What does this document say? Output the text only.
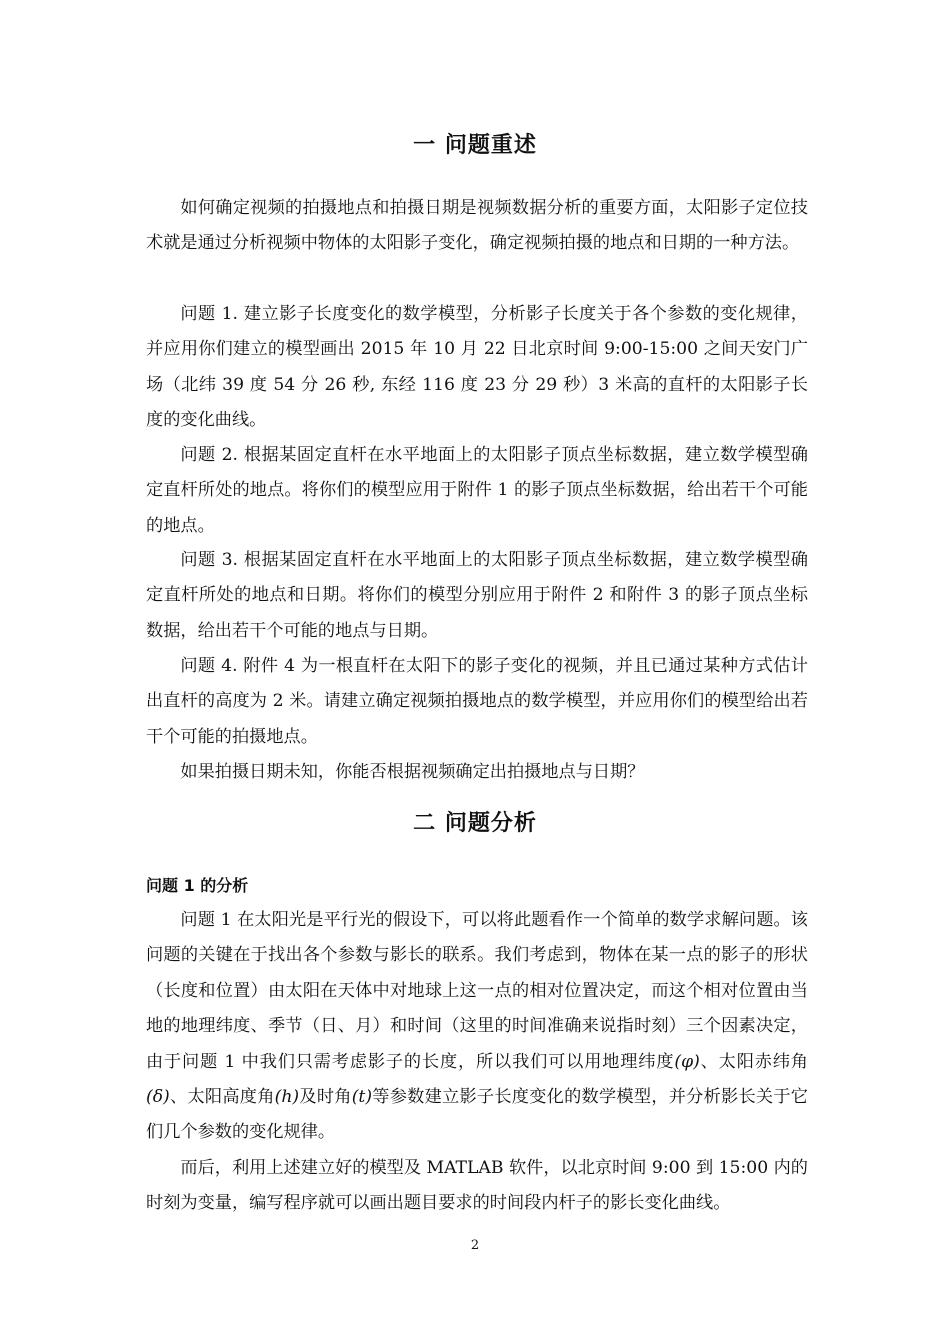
一 问题重述

如何确定视频的拍摄地点和拍摄日期是视频数据分析的重要方面，太阳影子定位技术就是通过分析视频中物体的太阳影子变化，确定视频拍摄的地点和日期的一种方法。

问题 1. 建立影子长度变化的数学模型，分析影子长度关于各个参数的变化规律，并应用你们建立的模型画出 2015 年 10 月 22 日北京时间 9:00-15:00 之间天安门广场（北纬 39 度 54 分 26 秒, 东经 116 度 23 分 29 秒）3 米高的直杆的太阳影子长度的变化曲线。

问题 2. 根据某固定直杆在水平地面上的太阳影子顶点坐标数据，建立数学模型确定直杆所处的地点。将你们的模型应用于附件 1 的影子顶点坐标数据，给出若干个可能的地点。

问题 3. 根据某固定直杆在水平地面上的太阳影子顶点坐标数据，建立数学模型确定直杆所处的地点和日期。将你们的模型分别应用于附件 2 和附件 3 的影子顶点坐标数据，给出若干个可能的地点与日期。

问题 4. 附件 4 为一根直杆在太阳下的影子变化的视频，并且已通过某种方式估计出直杆的高度为 2 米。请建立确定视频拍摄地点的数学模型，并应用你们的模型给出若干个可能的拍摄地点。

如果拍摄日期未知，你能否根据视频确定出拍摄地点与日期？

二 问题分析

问题 1 的分析

问题 1 在太阳光是平行光的假设下，可以将此题看作一个简单的数学求解问题。该问题的关键在于找出各个参数与影长的联系。我们考虑到，物体在某一点的影子的形状（长度和位置）由太阳在天体中对地球上这一点的相对位置决定，而这个相对位置由当地的地理纬度、季节（日、月）和时间（这里的时间准确来说指时刻）三个因素决定，由于问题 1 中我们只需考虑影子的长度，所以我们可以用地理纬度(φ)、太阳赤纬角(δ)、太阳高度角(h)及时角(t)等参数建立影子长度变化的数学模型，并分析影长关于它们几个参数的变化规律。

而后，利用上述建立好的模型及 MATLAB 软件，以北京时间 9:00 到 15:00 内的时刻为变量，编写程序就可以画出题目要求的时间段内杆子的影长变化曲线。

2
